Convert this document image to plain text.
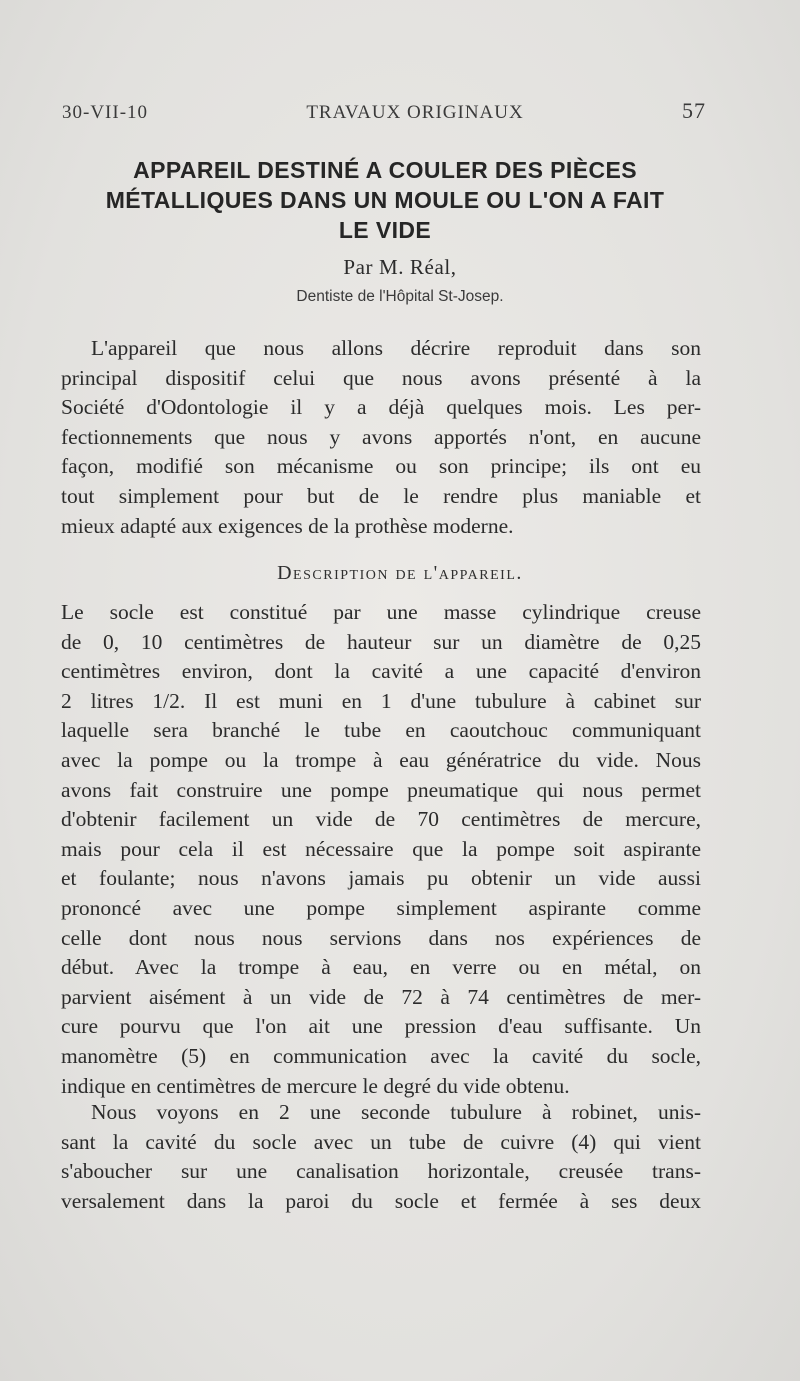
30-VII-10	TRAVAUX ORIGINAUX	57
APPAREIL DESTINÉ A COULER DES PIÈCES
MÉTALLIQUES DANS UN MOULE OU L'ON A FAIT
LE VIDE
Par M. Réal,
Dentiste de l'Hôpital St-Josep.
L'appareil que nous allons décrire reproduit dans son
principal dispositif celui que nous avons présenté à la
Société d'Odontologie il y a déjà quelques mois. Les per-
fectionnements que nous y avons apportés n'ont, en aucune
façon, modifié son mécanisme ou son principe; ils ont eu
tout simplement pour but de le rendre plus maniable et
mieux adapté aux exigences de la prothèse moderne.
Description de l'appareil.
Le socle est constitué par une masse cylindrique creuse
de 0, 10 centimètres de hauteur sur un diamètre de 0,25
centimètres environ, dont la cavité a une capacité d'environ
2 litres 1/2. Il est muni en 1 d'une tubulure à cabinet sur
laquelle sera branché le tube en caoutchouc communiquant
avec la pompe ou la trompe à eau génératrice du vide. Nous
avons fait construire une pompe pneumatique qui nous permet
d'obtenir facilement un vide de 70 centimètres de mercure,
mais pour cela il est nécessaire que la pompe soit aspirante
et foulante; nous n'avons jamais pu obtenir un vide aussi
prononcé avec une pompe simplement aspirante comme
celle dont nous nous servions dans nos expériences de
début. Avec la trompe à eau, en verre ou en métal, on
parvient aisément à un vide de 72 à 74 centimètres de mer-
cure pourvu que l'on ait une pression d'eau suffisante. Un
manomètre (5) en communication avec la cavité du socle,
indique en centimètres de mercure le degré du vide obtenu.
Nous voyons en 2 une seconde tubulure à robinet, unis-
sant la cavité du socle avec un tube de cuivre (4) qui vient
s'aboucher sur une canalisation horizontale, creusée trans-
versalement dans la paroi du socle et fermée à ses deux
